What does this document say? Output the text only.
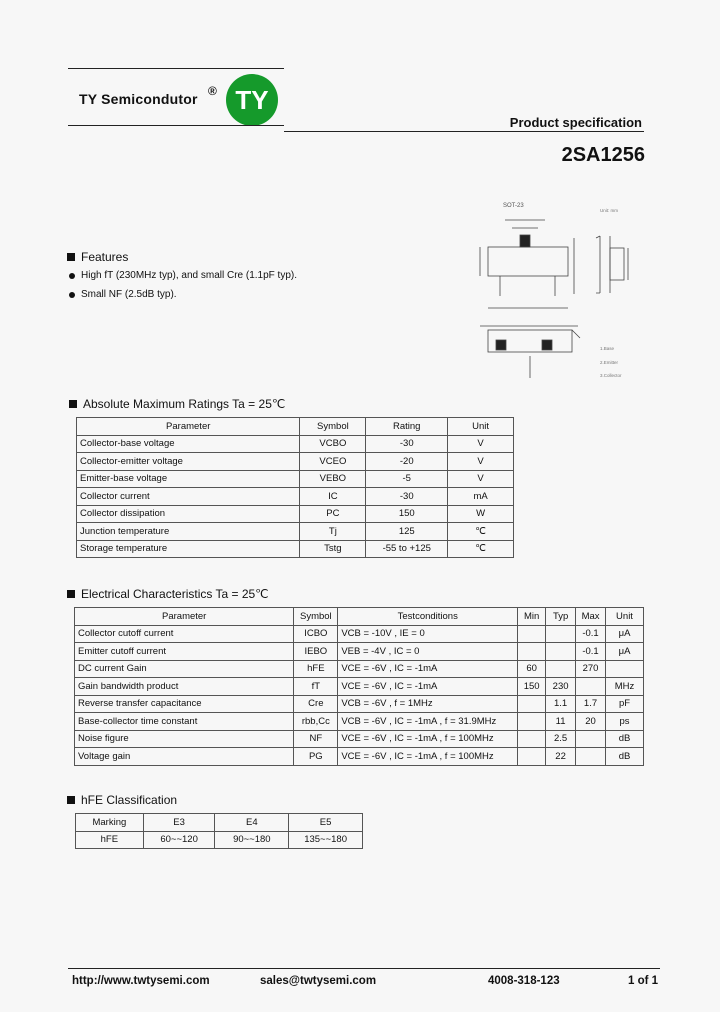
TY Semicondutor ® TY
Product specification
2SA1256
SOT-23
Unit: mm
1.Base
2.Emitter
3.Collector
Features
High fT (230MHz typ), and small Cre (1.1pF typ).
Small NF (2.5dB typ).
Absolute Maximum Ratings Ta = 25℃
Parameter	Symbol	Rating	Unit
Collector-base voltage	VCBO	-30	V
Collector-emitter voltage	VCEO	-20	V
Emitter-base voltage	VEBO	-5	V
Collector current	IC	-30	mA
Collector dissipation	PC	150	W
Junction temperature	Tj	125	℃
Storage temperature	Tstg	-55 to +125	℃
Electrical Characteristics Ta = 25℃
Parameter	Symbol	Testconditions	Min	Typ	Max	Unit
Collector cutoff current	ICBO	VCB = -10V , IE = 0			-0.1	μA
Emitter cutoff current	IEBO	VEB = -4V , IC = 0			-0.1	μA
DC current Gain	hFE	VCE = -6V , IC = -1mA	60		270	
Gain bandwidth product	fT	VCE = -6V , IC = -1mA	150	230		MHz
Reverse transfer capacitance	Cre	VCB = -6V , f = 1MHz		1.1	1.7	pF
Base-collector time constant	rbb,Cc	VCB = -6V , IC = -1mA , f = 31.9MHz		11	20	ps
Noise figure	NF	VCE = -6V , IC = -1mA , f = 100MHz		2.5		dB
Voltage gain	PG	VCE = -6V , IC = -1mA , f = 100MHz		22		dB
hFE Classification
Marking	E3	E4	E5
hFE	60~~120	90~~180	135~~180
http://www.twtysemi.com	sales@twtysemi.com	4008-318-123	1 of 1
